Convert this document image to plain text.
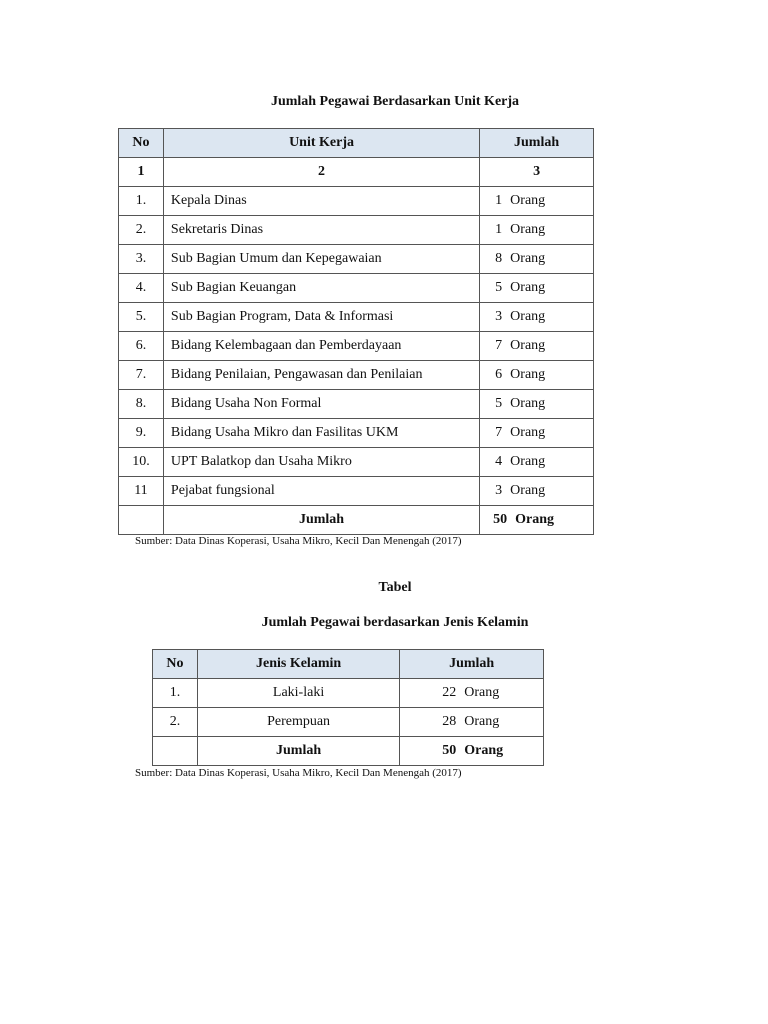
Jumlah Pegawai Berdasarkan Unit Kerja
No	Unit Kerja	Jumlah
1	2	3
1.	Kepala Dinas	1 Orang
2.	Sekretaris Dinas	1 Orang
3.	Sub Bagian Umum dan Kepegawaian	8 Orang
4.	Sub Bagian Keuangan	5 Orang
5.	Sub Bagian Program, Data & Informasi	3 Orang
6.	Bidang Kelembagaan dan Pemberdayaan	7 Orang
7.	Bidang Penilaian, Pengawasan dan Penilaian	6 Orang
8.	Bidang Usaha Non Formal	5 Orang
9.	Bidang Usaha Mikro dan Fasilitas UKM	7 Orang
10.	UPT Balatkop dan Usaha Mikro	4 Orang
11	Pejabat fungsional	3 Orang
	Jumlah	50 Orang
Sumber: Data Dinas Koperasi, Usaha Mikro, Kecil Dan Menengah (2017)
Tabel
Jumlah Pegawai berdasarkan Jenis Kelamin
No	Jenis Kelamin	Jumlah
1.	Laki-laki	22 Orang
2.	Perempuan	28 Orang
	Jumlah	50 Orang
Sumber: Data Dinas Koperasi, Usaha Mikro, Kecil Dan Menengah (2017)
